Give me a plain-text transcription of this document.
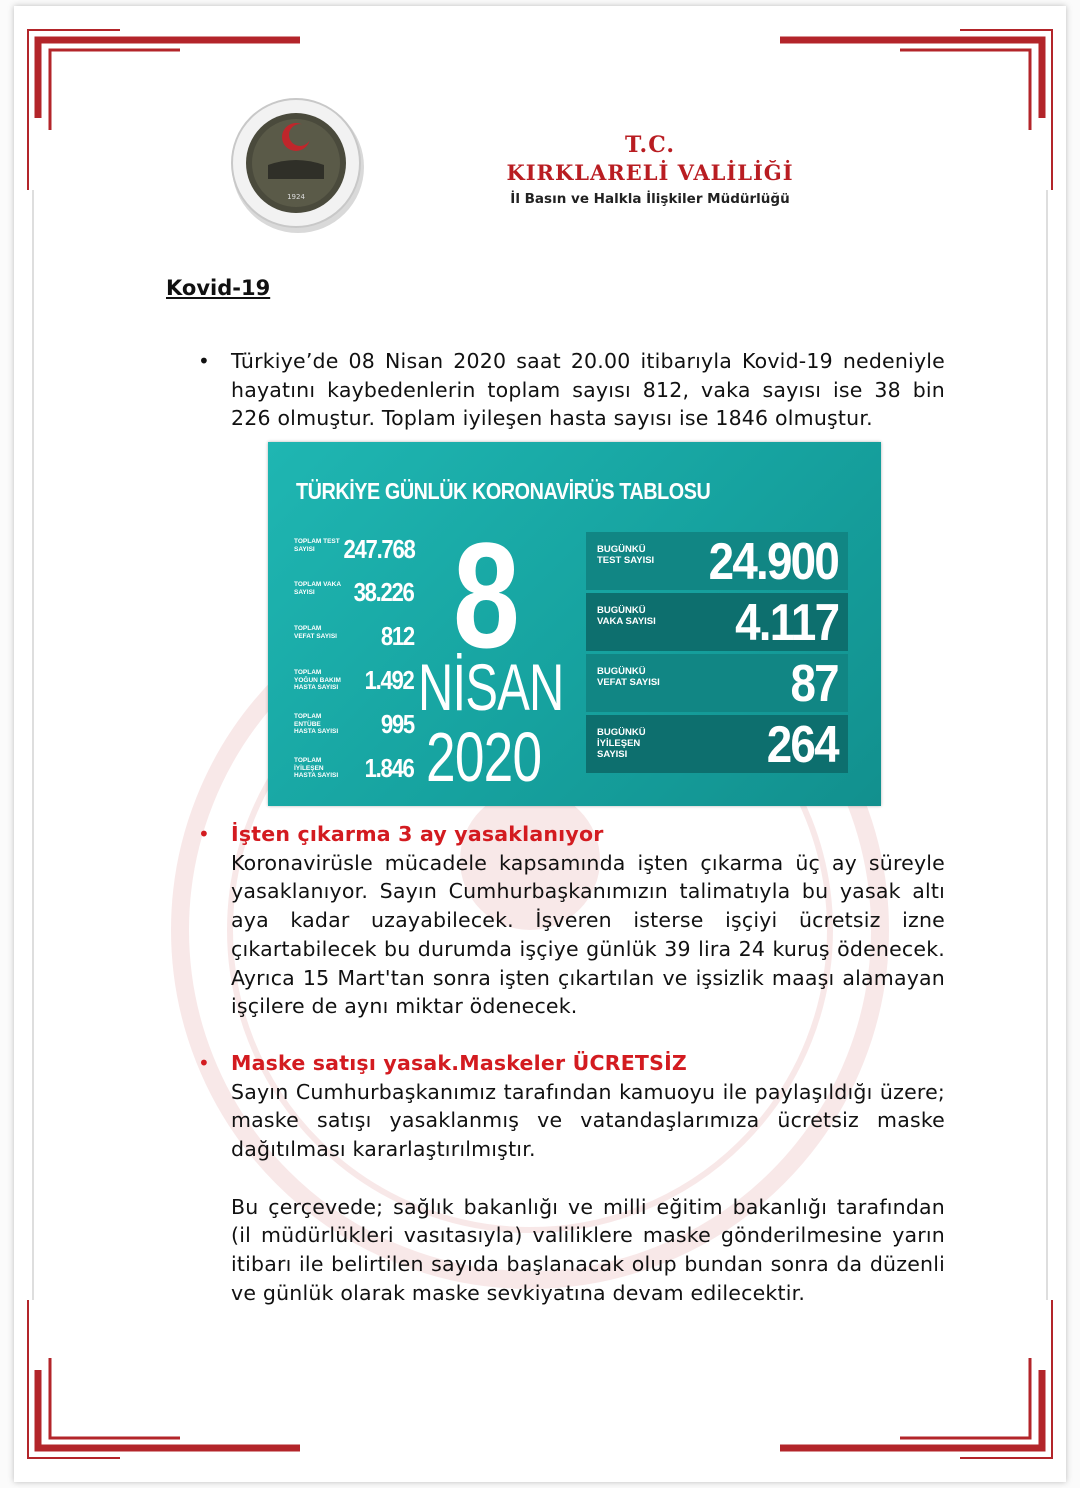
1924
T.C.
KIRKLARELİ VALİLİĞİ
İl Basın ve Halkla İlişkiler Müdürlüğü
Kovid-19
• Türkiye’de 08 Nisan 2020 saat 20.00 itibarıyla Kovid-19 nedeniyle hayatını kaybedenlerin toplam sayısı 812, vaka sayısı ise 38 bin 226 olmuştur. Toplam iyileşen hasta sayısı ise 1846 olmuştur.
TÜRKİYE GÜNLÜK KORONAVİRÜS TABLOSU
TOPLAM TEST SAYISI	247.768
TOPLAM VAKA SAYISI	38.226
TOPLAM VEFAT SAYISI 812
TOPLAM YOĞUN BAKIM HASTA SAYISI 1.492
TOPLAM ENTÜBE HASTA SAYISI 995
TOPLAM İYİLEŞEN HASTA SAYISI 1.846
8
NİSAN
2020
BUGÜNKÜ TEST SAYISI 24.900
BUGÜNKÜ VAKA SAYISI 4.117
BUGÜNKÜ VEFAT SAYISI	87
BUGÜNKÜ İYİLEŞEN SAYISI	264
• İşten çıkarma 3 ay yasaklanıyor
Koronavirüsle mücadele kapsamında işten çıkarma üç ay süreyle yasaklanıyor. Sayın Cumhurbaşkanımızın talimatıyla bu yasak altı aya kadar uzayabilecek. İşveren isterse işçiyi ücretsiz izne çıkartabilecek bu durumda işçiye günlük 39 lira 24 kuruş ödenecek. Ayrıca 15 Mart'tan sonra işten çıkartılan ve işsizlik maaşı alamayan işçilere de aynı miktar ödenecek.
• Maske satışı yasak.Maskeler ÜCRETSİZ
Sayın Cumhurbaşkanımız tarafından kamuoyu ile paylaşıldığı üzere; maske satışı yasaklanmış ve vatandaşlarımıza ücretsiz maske dağıtılması kararlaştırılmıştır.
Bu çerçevede; sağlık bakanlığı ve milli eğitim bakanlığı tarafından (il müdürlükleri vasıtasıyla) valiliklere maske gönderilmesine yarın itibarı ile belirtilen sayıda başlanacak olup bundan sonra da düzenli ve günlük olarak maske sevkiyatına devam edilecektir.
